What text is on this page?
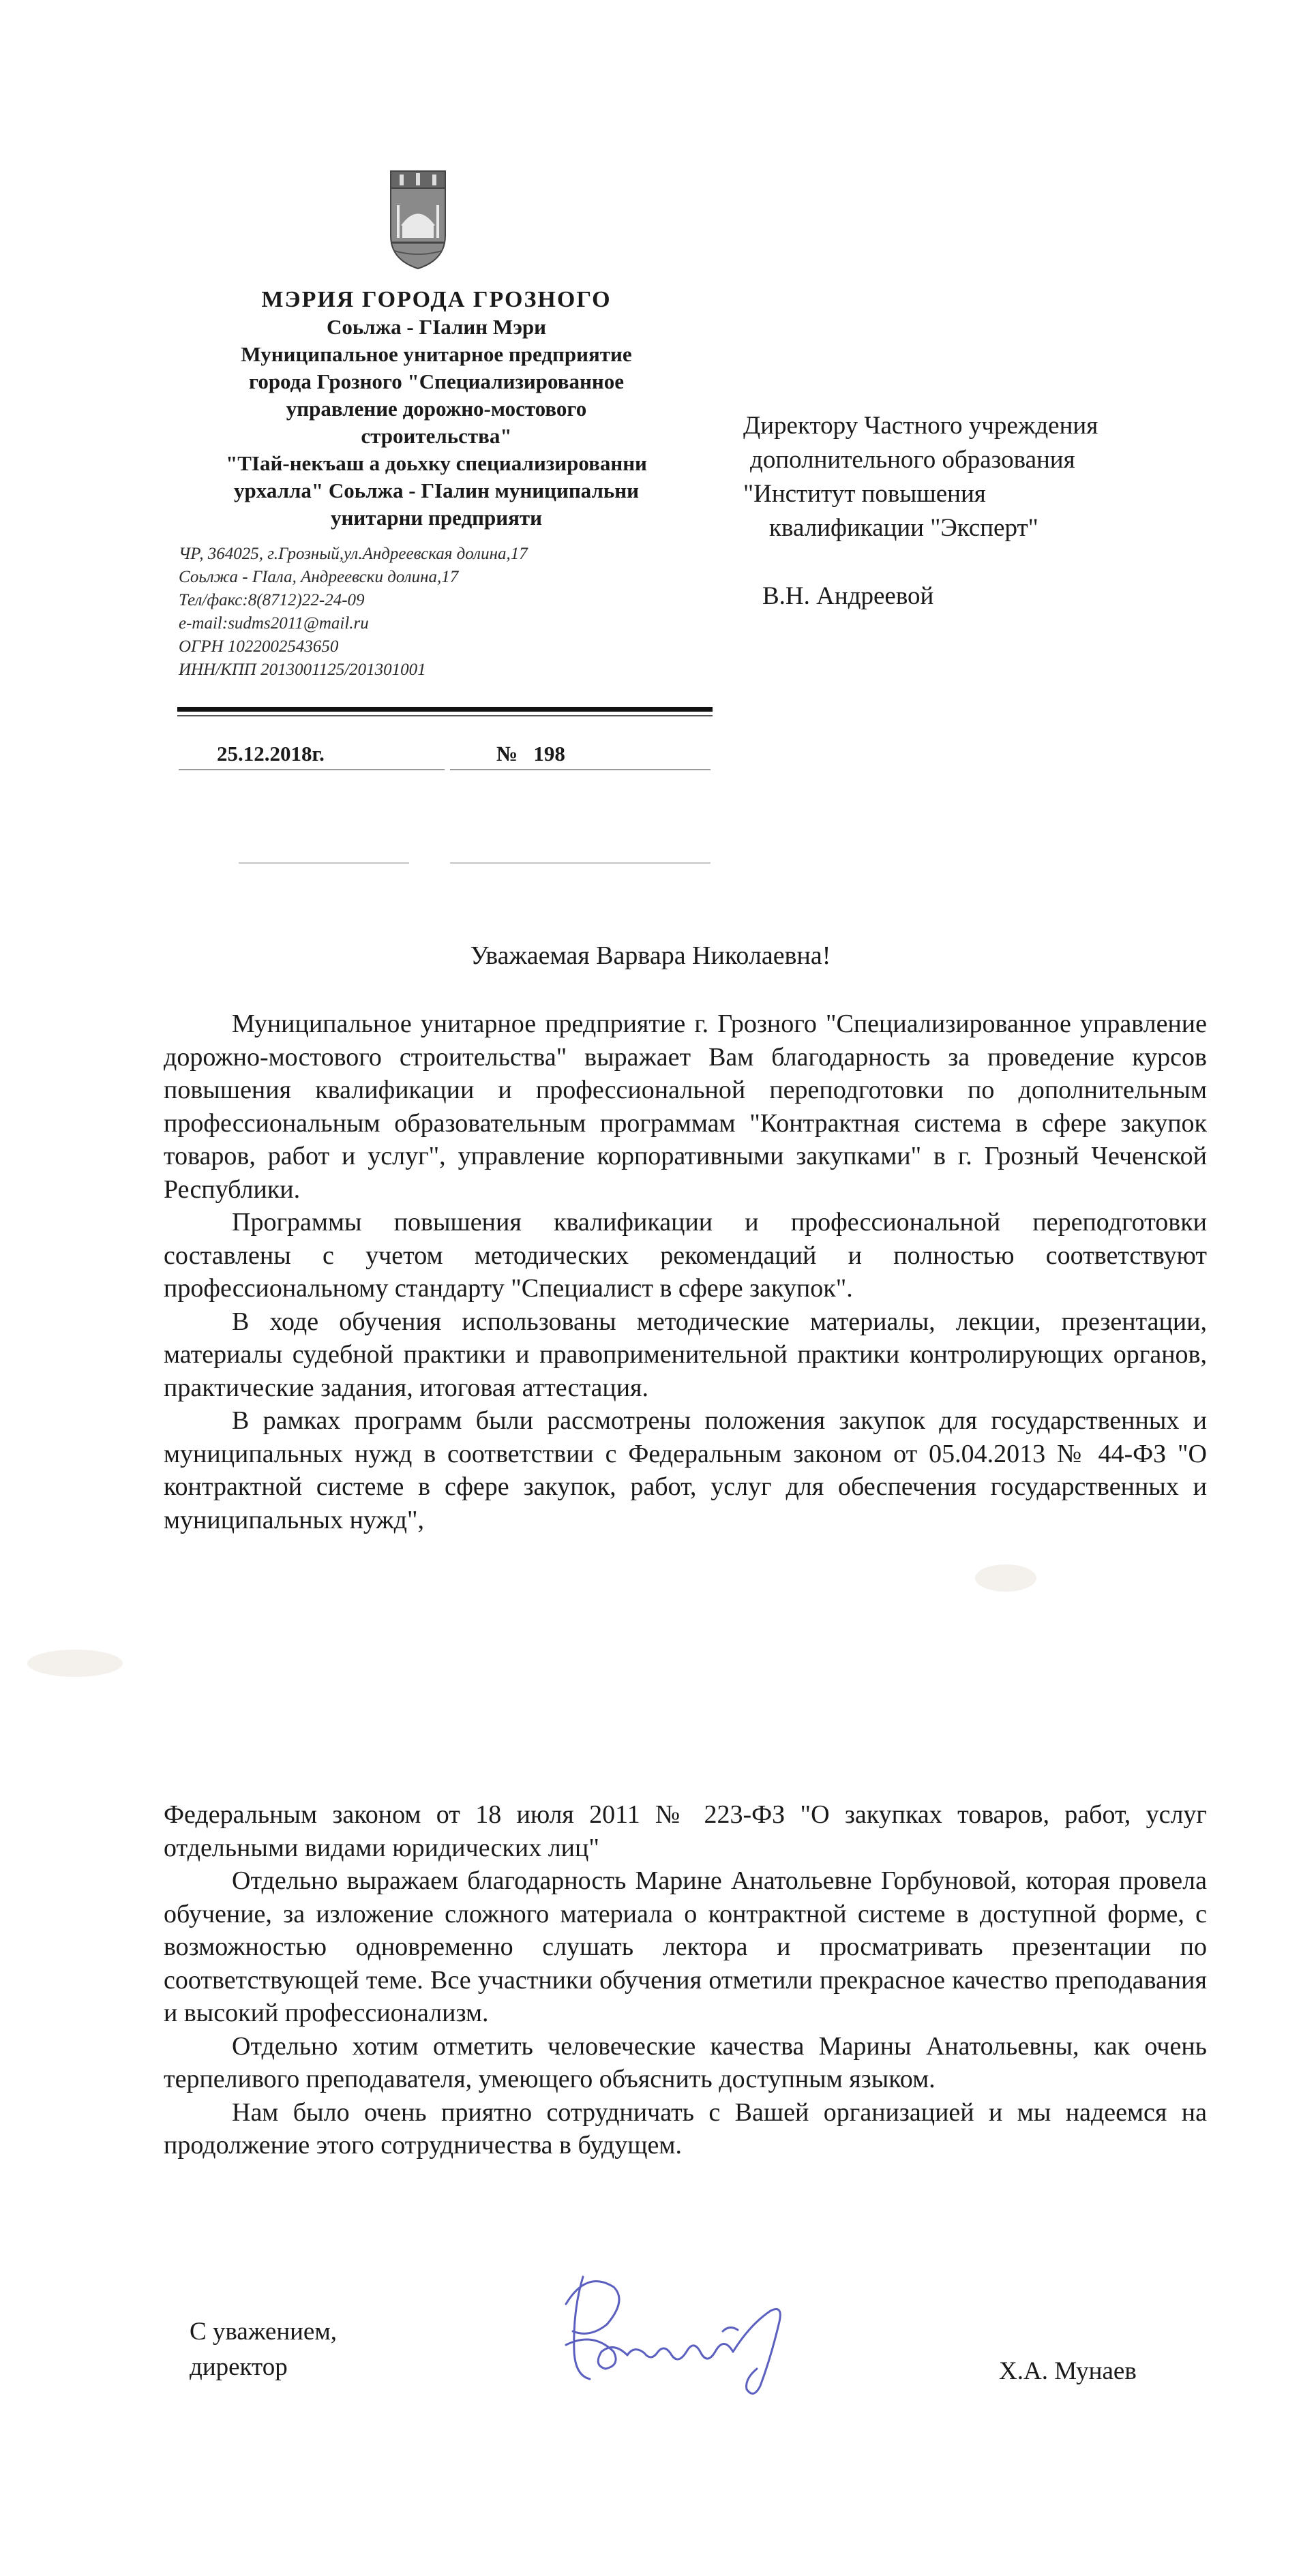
МЭРИЯ ГОРОДА ГРОЗНОГО
Соьлжа - ГIалин Мэри
Муниципальное унитарное предприятие
города Грозного "Специализированное
управление дорожно-мостового
строительства"
"ТIай-некъаш а доьхку специализированни
урхалла" Соьлжа - ГIалин муниципальни
унитарни предприяти
ЧР, 364025, г.Грозный,ул.Андреевская долина,17
Соьлжа - ГIала, Андреевски долина,17
Тел/факс:8(8712)22-24-09
e-mail:sudms2011@mail.ru
ОГРН 1022002543650
ИНН/КПП 2013001125/201301001
25.12.2018г.	№ 198
Директору Частного учреждения
дополнительного образования
"Институт повышения
квалификации "Эксперт"
В.Н. Андреевой
Уважаемая Варвара Николаевна!

Муниципальное унитарное предприятие г. Грозного "Специализированное управление дорожно-мостового строительства" выражает Вам благодарность за проведение курсов повышения квалификации и профессиональной переподготовки по дополнительным профессиональным образовательным программам "Контрактная система в сфере закупок товаров, работ и услуг", управление корпоративными закупками" в г. Грозный Чеченской Республики.

Программы повышения квалификации и профессиональной переподготовки составлены с учетом методических рекомендаций и полностью соответствуют профессиональному стандарту "Специалист в сфере закупок".

В ходе обучения использованы методические материалы, лекции, презентации, материалы судебной практики и правоприменительной практики контролирующих органов, практические задания, итоговая аттестация.

В рамках программ были рассмотрены положения закупок для государственных и муниципальных нужд в соответствии с Федеральным законом от 05.04.2013 № 44-ФЗ "О контрактной системе в сфере закупок, работ, услуг для обеспечения государственных и муниципальных нужд",

Федеральным законом от 18 июля 2011 № 223-ФЗ "О закупках товаров, работ, услуг отдельными видами юридических лиц"

Отдельно выражаем благодарность Марине Анатольевне Горбуновой, которая провела обучение, за изложение сложного материала о контрактной системе в доступной форме, с возможностью одновременно слушать лектора и просматривать презентации по соответствующей теме. Все участники обучения отметили прекрасное качество преподавания и высокий профессионализм.

Отдельно хотим отметить человеческие качества Марины Анатольевны, как очень терпеливого преподавателя, умеющего объяснить доступным языком.

Нам было очень приятно сотрудничать с Вашей организацией и мы надеемся на продолжение этого сотрудничества в будущем.

С уважением,
директор	Х.А. Мунаев
